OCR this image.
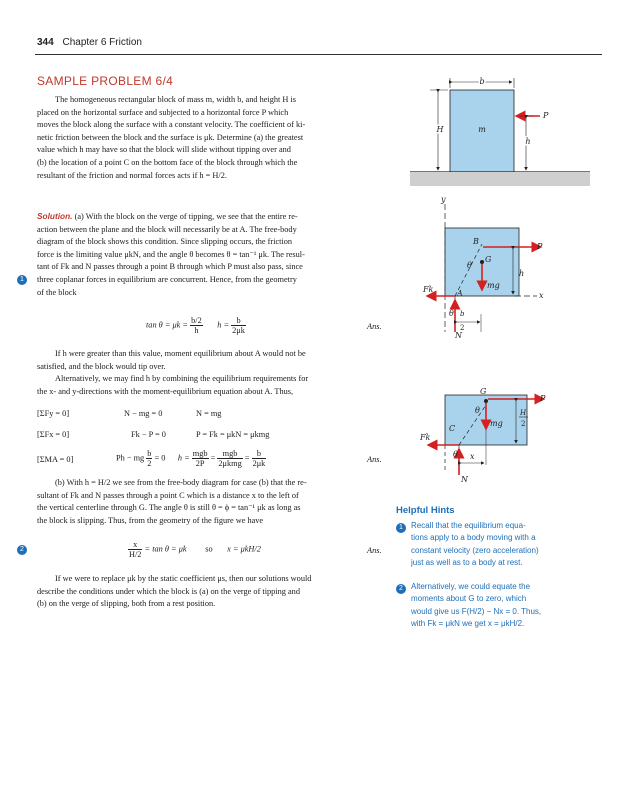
344 Chapter 6 Friction
SAMPLE PROBLEM 6/4
The homogeneous rectangular block of mass m, width b, and height H is
placed on the horizontal surface and subjected to a horizontal force P which
moves the block along the surface with a constant velocity. The coefficient of ki-
netic friction between the block and the surface is μk. Determine (a) the greatest
value which h may have so that the block will slide without tipping over and
(b) the location of a point C on the bottom face of the block through which the
resultant of the friction and normal forces acts if h = H/2.
Solution. (a) With the block on the verge of tipping, we see that the entire re-
action between the plane and the block will necessarily be at A. The free-body
diagram of the block shows this condition. Since slipping occurs, the friction
force is the limiting value μkN, and the angle θ becomes θ = tan⁻¹ μk. The resul-
tant of Fk and N passes through a point B through which P must also pass, since
three coplanar forces in equilibrium are concurrent. Hence, from the geometry
of the block
1
$\tan \theta = \mu k = \frac{b/2}{h}$ $h = \frac{b}{2\mu k}$	Ans.
If h were greater than this value, moment equilibrium about A would not be
satisfied, and the block would tip over.
Alternatively, we may find h by combining the equilibrium requirements for
the x- and y-directions with the moment-equilibrium equation about A. Thus,
[ΣFy = 0]	N − mg = 0	N = mg
[ΣFx = 0]	Fk − P = 0	P = Fk = μkN = μkmg
[ΣMA = 0]	Ph − mg $\frac{b}{2} = 0$ $h = \frac{\text{mgb}}{2P} = \frac{\text{mgb}}{\text{2μkmg}} = \frac{b}{2\mu k}$	Ans.
(b) With h = H/2 we see from the free-body diagram for case (b) that the re-
sultant of Fk and N passes through a point C which is a distance x to the left of
the vertical centerline through G. The angle θ is still θ = ϕ = tan⁻¹ μk as long as
the block is slipping. Thus, from the geometry of the figure we have
2	$\frac{x}{H/2} = \tan \theta = \mu k$ so x = μkH/2	Ans.
If we were to replace μk by the static coefficient μs, then our solutions would
describe the conditions under which the block is (a) on the verge of tipping and
(b) on the verge of slipping, both from a rest position.
Helpful Hints
1	Recall that the equilibrium equa-
tions apply to a body moving with a
constant velocity (zero acceleration)
just as well as to a body at rest.
2	Alternatively, we could equate the
moments about G to zero, which
would give us F(H/2) − Nx = 0. Thus,
with Fk = μkN we get x = μkH/2.
b
H	m
P
h
y
x
P
B
G
θ
mg
h
Fk	A
θ
N
b
2
G
P
θ
mg
H
2
C
Fk
θ
N
x
